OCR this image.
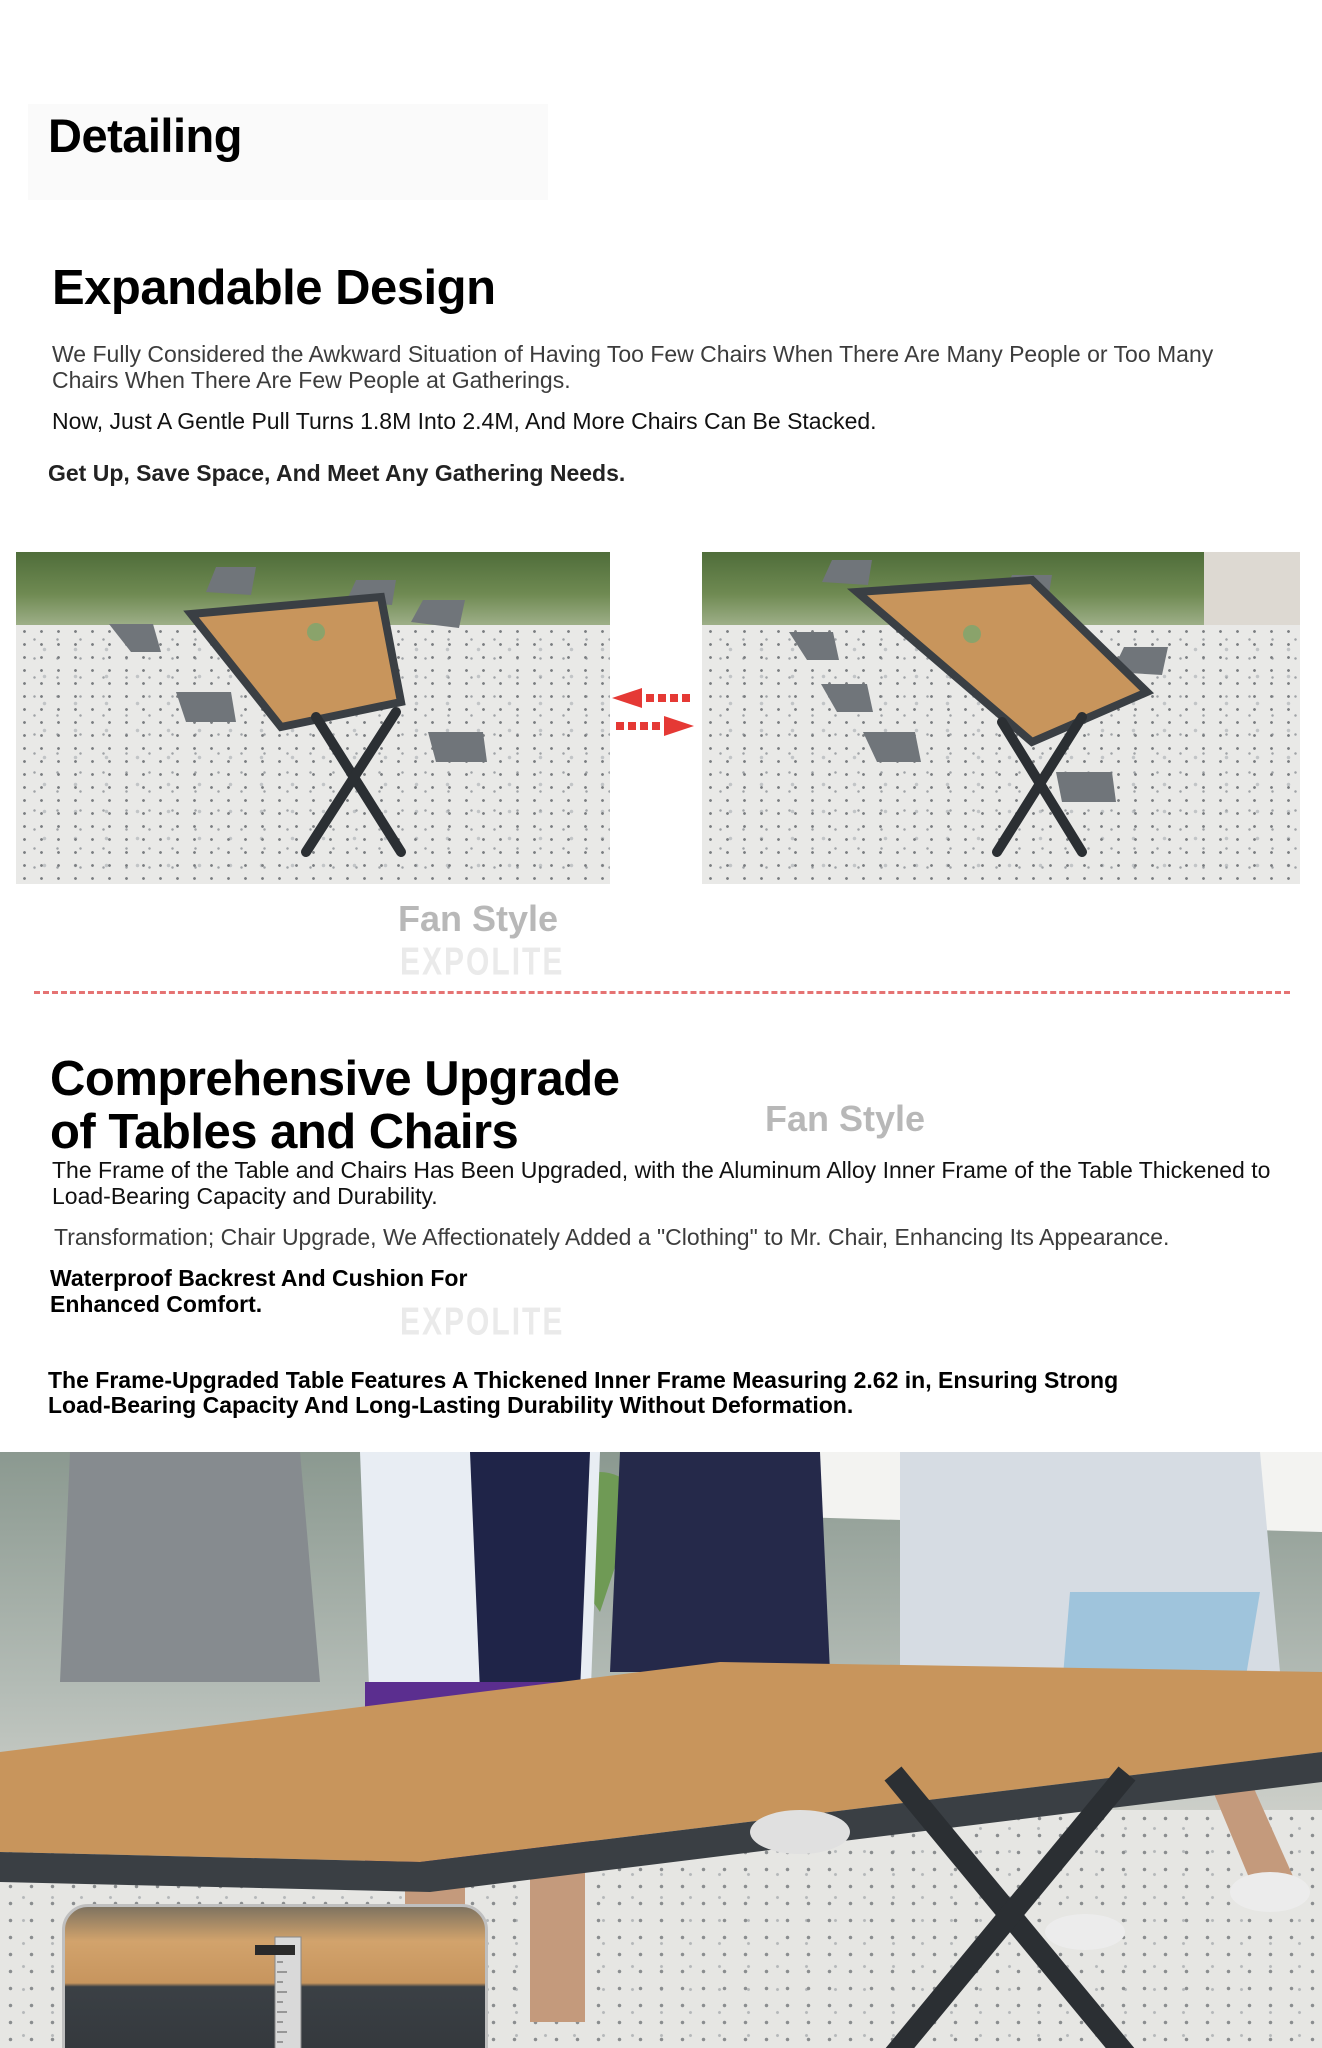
Detailing
Expandable Design

We Fully Considered the Awkward Situation of Having Too Few Chairs When There Are Many People or Too Many

Chairs When There Are Few People at Gatherings.

Now, Just A Gentle Pull Turns 1.8M Into 2.4M, And More Chairs Can Be Stacked.

Get Up, Save Space, And Meet Any Gathering Needs.

Fan Style
EXPOLITE
Comprehensive Upgrade
of Tables and Chairs	Fan Style

The Frame of the Table and Chairs Has Been Upgraded, with the Aluminum Alloy Inner Frame of the Table Thickened to

Load-Bearing Capacity and Durability.

Transformation; Chair Upgrade, We Affectionately Added a "Clothing" to Mr. Chair, Enhancing Its Appearance.

Waterproof Backrest And Cushion For

Enhanced Comfort.	EXPOLITE

The Frame-Upgraded Table Features A Thickened Inner Frame Measuring 2.62 in, Ensuring Strong

Load-Bearing Capacity And Long-Lasting Durability Without Deformation.
